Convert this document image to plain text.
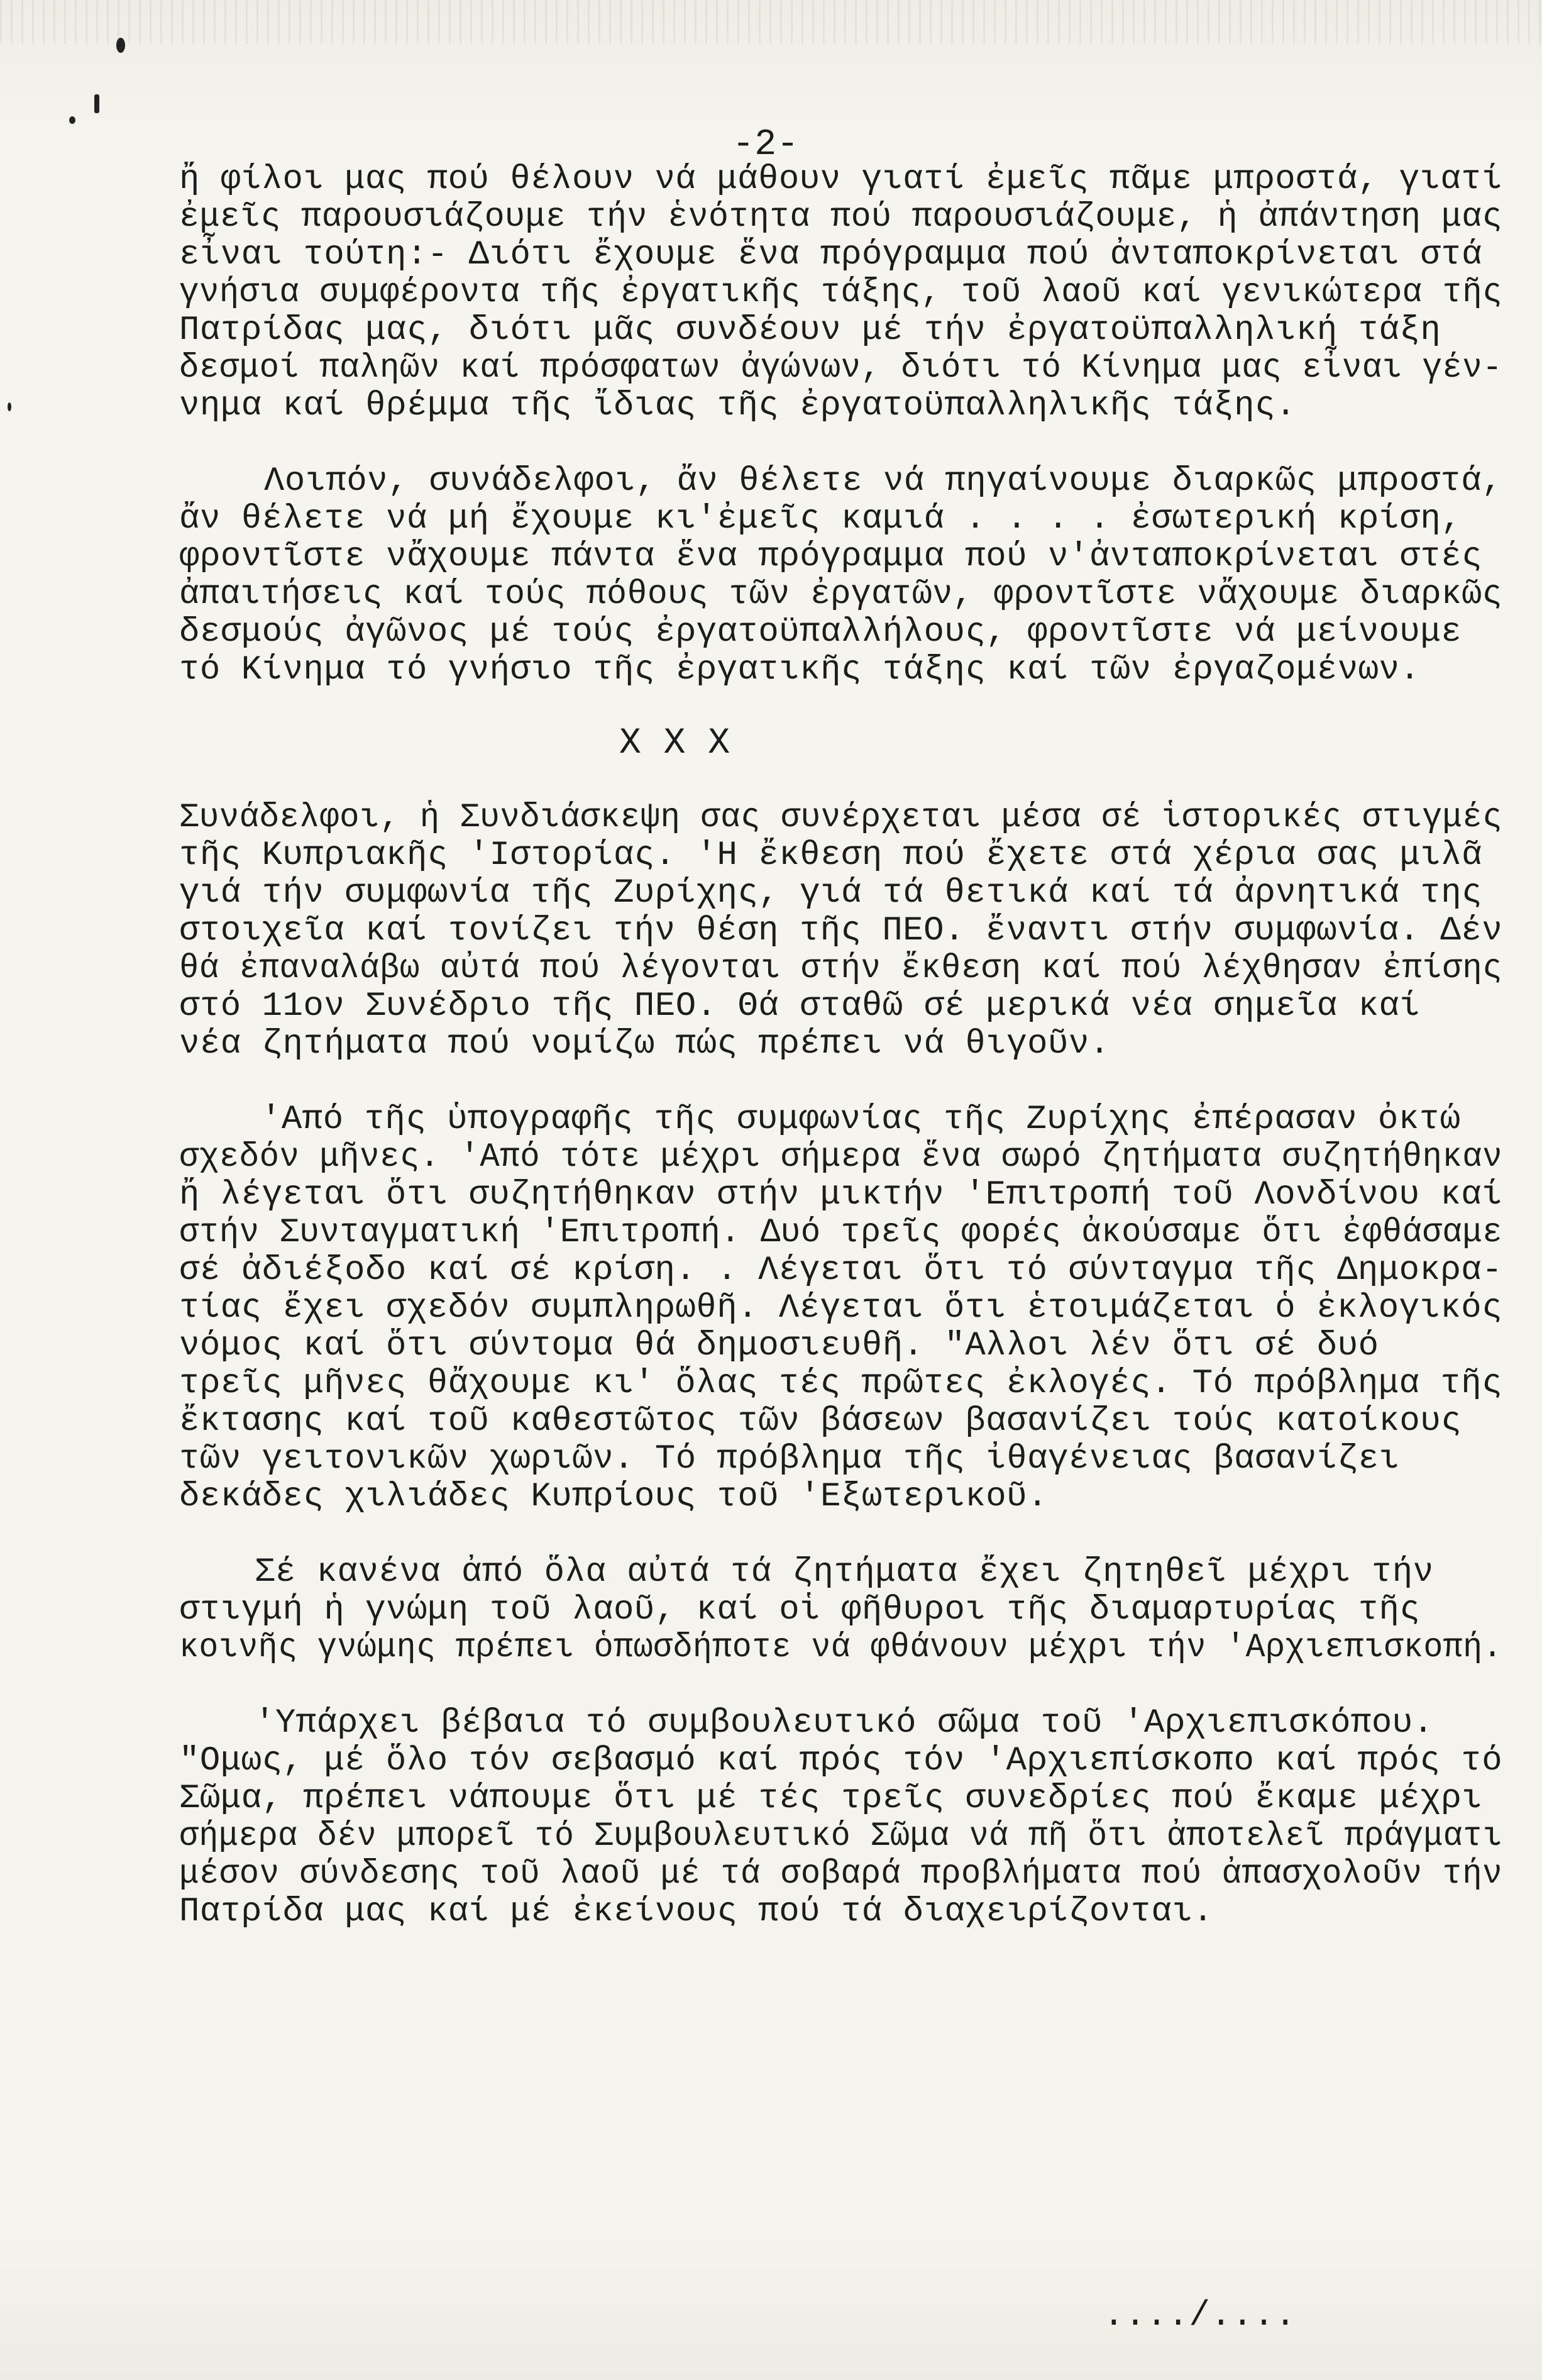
-2-
ἤ φίλοι μας πού θέλουν νά μάθουν γιατί ἐμεῖς πᾶμε μπροστά, γιατί
ἐμεῖς παρουσιάζουμε τήν ἑνότητα πού παρουσιάζουμε, ἡ ἀπάντηση μας
εἶναι τούτη:- Διότι ἔχουμε ἕνα πρόγραμμα πού ἀνταποκρίνεται στά
γνήσια συμφέροντα τῆς ἐργατικῆς τάξης, τοῦ λαοῦ καί γενικώτερα τῆς
Πατρίδας μας, διότι μᾶς συνδέουν μέ τήν ἐργατοϋπαλληλική τάξη
δεσμοί παληῶν καί πρόσφατων ἀγώνων, διότι τό Κίνημα μας εἶναι γέν-
νημα καί θρέμμα τῆς ἴδιας τῆς ἐργατοϋπαλληλικῆς τάξης.
Λοιπόν, συνάδελφοι, ἄν θέλετε νά πηγαίνουμε διαρκῶς μπροστά,
ἄν θέλετε νά μή ἔχουμε κι'ἐμεῖς καμιά . . . . ἐσωτερική κρίση,
φροντῖστε νἄχουμε πάντα ἕνα πρόγραμμα πού ν'ἀνταποκρίνεται στές
ἀπαιτήσεις καί τούς πόθους τῶν ἐργατῶν, φροντῖστε νἄχουμε διαρκῶς
δεσμούς ἀγῶνος μέ τούς ἐργατοϋπαλλήλους, φροντῖστε νά μείνουμε
τό Κίνημα τό γνήσιο τῆς ἐργατικῆς τάξης καί τῶν ἐργαζομένων.
X X X
Συνάδελφοι, ἡ Συνδιάσκεψη σας συνέρχεται μέσα σέ ἱστορικές στιγμές
τῆς Κυπριακῆς 'Ιστορίας. 'Η ἔκθεση πού ἔχετε στά χέρια σας μιλᾶ
γιά τήν συμφωνία τῆς Ζυρίχης, γιά τά θετικά καί τά ἀρνητικά της
στοιχεῖα καί τονίζει τήν θέση τῆς ΠΕΟ. ἔναντι στήν συμφωνία. Δέν
θά ἐπαναλάβω αὐτά πού λέγονται στήν ἔκθεση καί πού λέχθησαν ἐπίσης
στό 11ον Συνέδριο τῆς ΠΕΟ. Θά σταθῶ σέ μερικά νέα σημεῖα καί
νέα ζητήματα πού νομίζω πώς πρέπει νά θιγοῦν.
'Από τῆς ὑπογραφῆς τῆς συμφωνίας τῆς Ζυρίχης ἐπέρασαν ὀκτώ
σχεδόν μῆνες. 'Από τότε μέχρι σήμερα ἕνα σωρό ζητήματα συζητήθηκαν
ἤ λέγεται ὅτι συζητήθηκαν στήν μικτήν 'Επιτροπή τοῦ Λονδίνου καί
στήν Συνταγματική 'Επιτροπή. Δυό τρεῖς φορές ἀκούσαμε ὅτι ἐφθάσαμε
σέ ἀδιέξοδο καί σέ κρίση. . Λέγεται ὅτι τό σύνταγμα τῆς Δημοκρα-
τίας ἔχει σχεδόν συμπληρωθῆ. Λέγεται ὅτι ἑτοιμάζεται ὁ ἐκλογικός
νόμος καί ὅτι σύντομα θά δημοσιευθῆ. "Αλλοι λέν ὅτι σέ δυό
τρεῖς μῆνες θἄχουμε κι' ὅλας τές πρῶτες ἐκλογές. Τό πρόβλημα τῆς
ἔκτασης καί τοῦ καθεστῶτος τῶν βάσεων βασανίζει τούς κατοίκους
τῶν γειτονικῶν χωριῶν. Τό πρόβλημα τῆς ἰθαγένειας βασανίζει
δεκάδες χιλιάδες Κυπρίους τοῦ 'Εξωτερικοῦ.
Σέ κανένα ἀπό ὅλα αὐτά τά ζητήματα ἔχει ζητηθεῖ μέχρι τήν
στιγμή ἡ γνώμη τοῦ λαοῦ, καί οἱ φῆθυροι τῆς διαμαρτυρίας τῆς
κοινῆς γνώμης πρέπει ὁπωσδήποτε νά φθάνουν μέχρι τήν 'Αρχιεπισκοπή.
'Υπάρχει βέβαια τό συμβουλευτικό σῶμα τοῦ 'Αρχιεπισκόπου.
"Ομως, μέ ὅλο τόν σεβασμό καί πρός τόν 'Αρχιεπίσκοπο καί πρός τό
Σῶμα, πρέπει νάπουμε ὅτι μέ τές τρεῖς συνεδρίες πού ἔκαμε μέχρι
σήμερα δέν μπορεῖ τό Συμβουλευτικό Σῶμα νά πῆ ὅτι ἀποτελεῖ πράγματι
μέσον σύνδεσης τοῦ λαοῦ μέ τά σοβαρά προβλήματα πού ἀπασχολοῦν τήν
Πατρίδα μας καί μέ ἐκείνους πού τά διαχειρίζονται.
..../....
